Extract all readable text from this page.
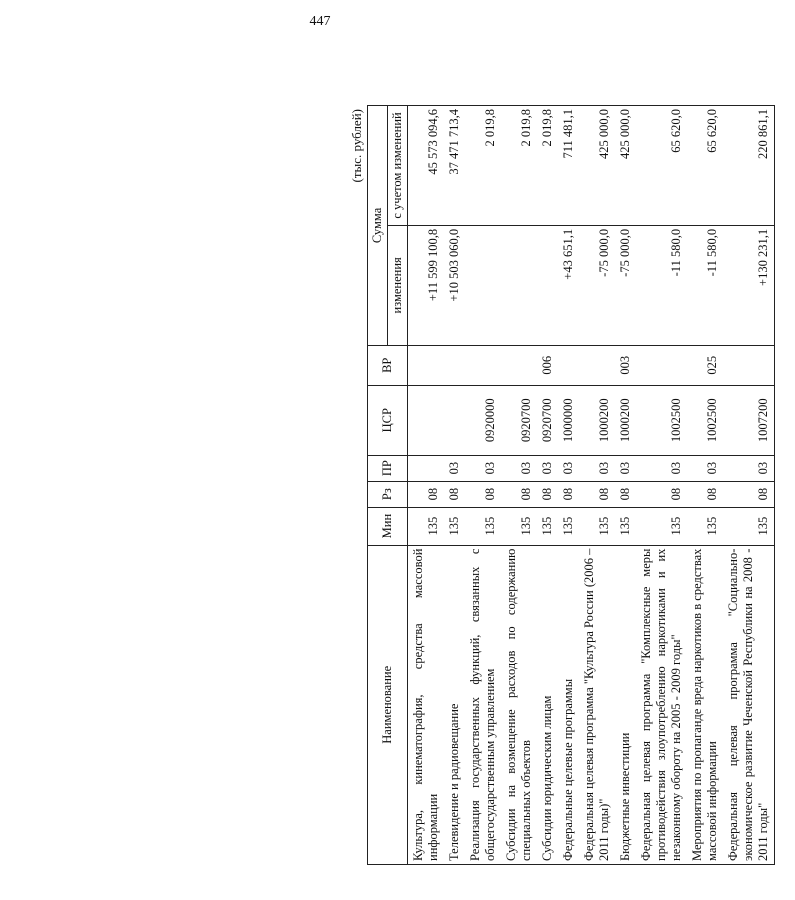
447
(тыс. рублей)
Наименование	Мин	Рз	ПР	ЦСР	ВР	Сумма	
						изменения	с учетом изменений
Культура, кинематография, средства массовой информации	135	08				+11 599 100,8	45 573 094,6
Телевидение и радиовещание	135	08	03			+10 503 060,0	37 471 713,4
Реализация государственных функций, связанных с общегосударственным управлением	135	08	03	0920000			2 019,8
Субсидии на возмещение расходов по содержанию специальных объектов	135	08	03	0920700			2 019,8
Субсидии юридическим лицам	135	08	03	0920700	006		2 019,8
Федеральные целевые программы	135	08	03	1000000		+43 651,1	711 481,1
Федеральная целевая программа "Культура России (2006 – 2011 годы)"	135	08	03	1000200		-75 000,0	425 000,0
Бюджетные инвестиции	135	08	03	1000200	003	-75 000,0	425 000,0
Федеральная целевая программа "Комплексные меры противодействия злоупотреблению наркотиками и их незаконному обороту на 2005 - 2009 годы"	135	08	03	1002500		-11 580,0	65 620,0
Мероприятия по пропаганде вреда наркотиков в средствах массовой информации	135	08	03	1002500	025	-11 580,0	65 620,0
Федеральная целевая программа "Социально-экономическое развитие Чеченской Республики на 2008 - 2011 годы"	135	08	03	1007200		+130 231,1	220 861,1
